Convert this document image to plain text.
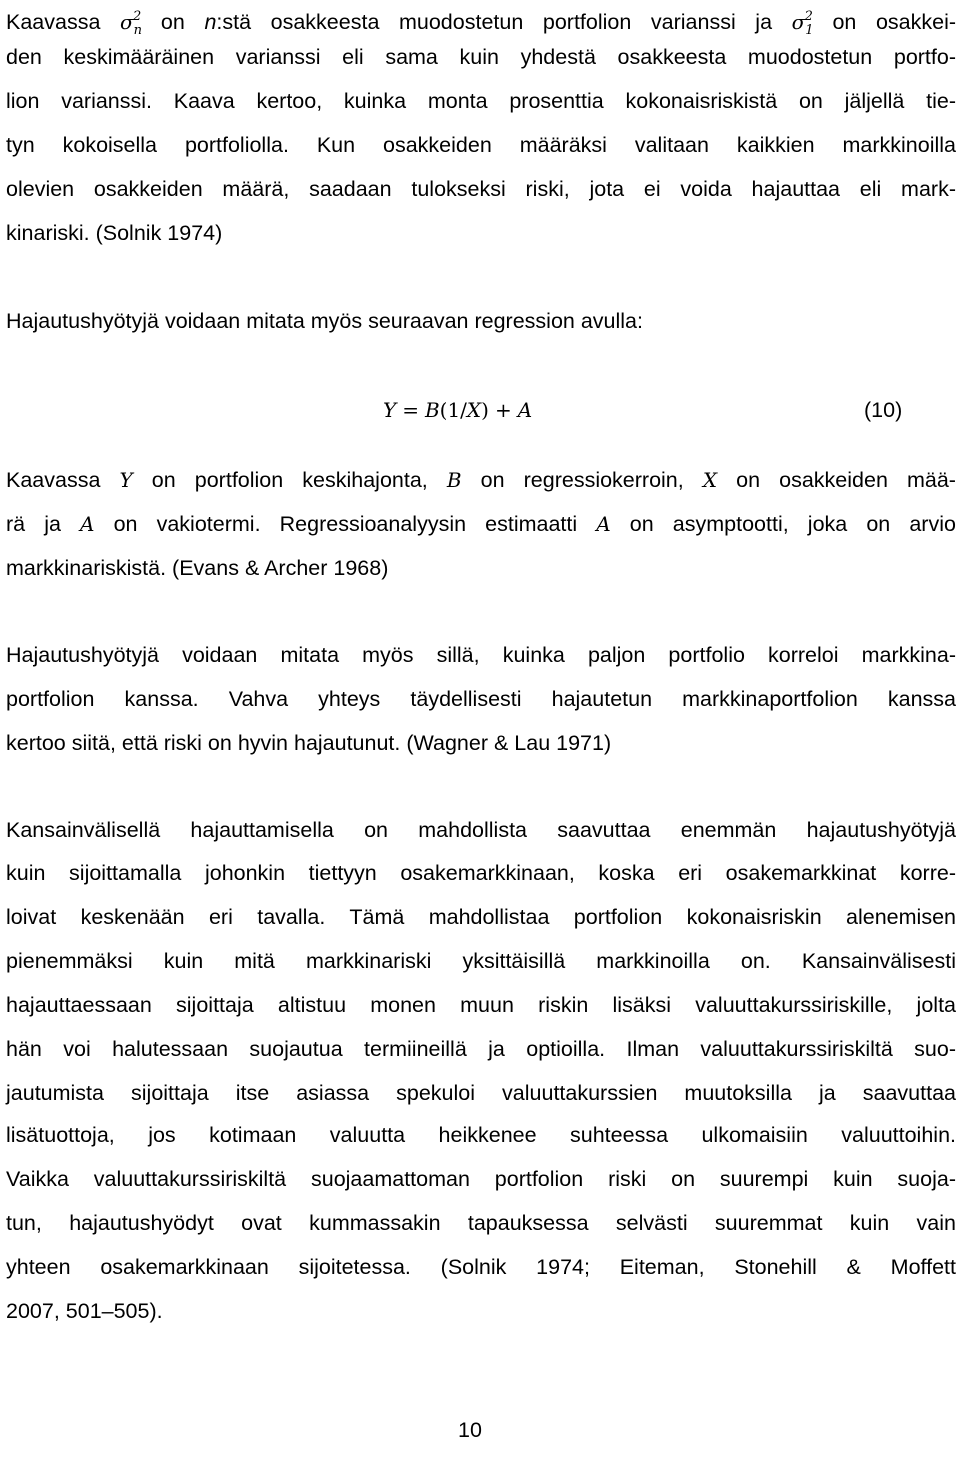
Kaavassa $\sigma_n^2$ on n:stä osakkeesta muodostetun portfolion varianssi ja $\sigma_1^2$ on osakkei-
den keskimääräinen varianssi eli sama kuin yhdestä osakkeesta muodostetun portfo-
lion varianssi. Kaava kertoo, kuinka monta prosenttia kokonaisriskistä on jäljellä tie-
tyn kokoisella portfoliolla. Kun osakkeiden määräksi valitaan kaikkien markkinoilla
olevien osakkeiden määrä, saadaan tulokseksi riski, jota ei voida hajauttaa eli mark-
kinariski. (Solnik 1974)
Hajautushyötyjä voidaan mitata myös seuraavan regression avulla:
Y = B(1/X) + A	(10)
Kaavassa Y on portfolion keskihajonta, B on regressiokerroin, X on osakkeiden mää-
rä ja A on vakiotermi. Regressioanalyysin estimaatti A on asymptootti, joka on arvio
markkinariskistä. (Evans & Archer 1968)
Hajautushyötyjä voidaan mitata myös sillä, kuinka paljon portfolio korreloi markkina-
portfolion kanssa. Vahva yhteys täydellisesti hajautetun markkinaportfolion kanssa
kertoo siitä, että riski on hyvin hajautunut. (Wagner & Lau 1971)
Kansainvälisellä hajauttamisella on mahdollista saavuttaa enemmän hajautushyötyjä
kuin sijoittamalla johonkin tiettyyn osakemarkkinaan, koska eri osakemarkkinat korre-
loivat keskenään eri tavalla. Tämä mahdollistaa portfolion kokonaisriskin alenemisen
pienemmäksi kuin mitä markkinariski yksittäisillä markkinoilla on. Kansainvälisesti
hajauttaessaan sijoittaja altistuu monen muun riskin lisäksi valuuttakurssiriskille, jolta
hän voi halutessaan suojautua termiineillä ja optioilla. Ilman valuuttakurssiriskiltä suo-
jautumista sijoittaja itse asiassa spekuloi valuuttakurssien muutoksilla ja saavuttaa
lisätuottoja, jos kotimaan valuutta heikkenee suhteessa ulkomaisiin valuuttoihin.
Vaikka valuuttakurssiriskiltä suojaamattoman portfolion riski on suurempi kuin suoja-
tun, hajautushyödyt ovat kummassakin tapauksessa selvästi suuremmat kuin vain
yhteen osakemarkkinaan sijoitetessa. (Solnik 1974; Eiteman, Stonehill & Moffett
2007, 501–505).
10
